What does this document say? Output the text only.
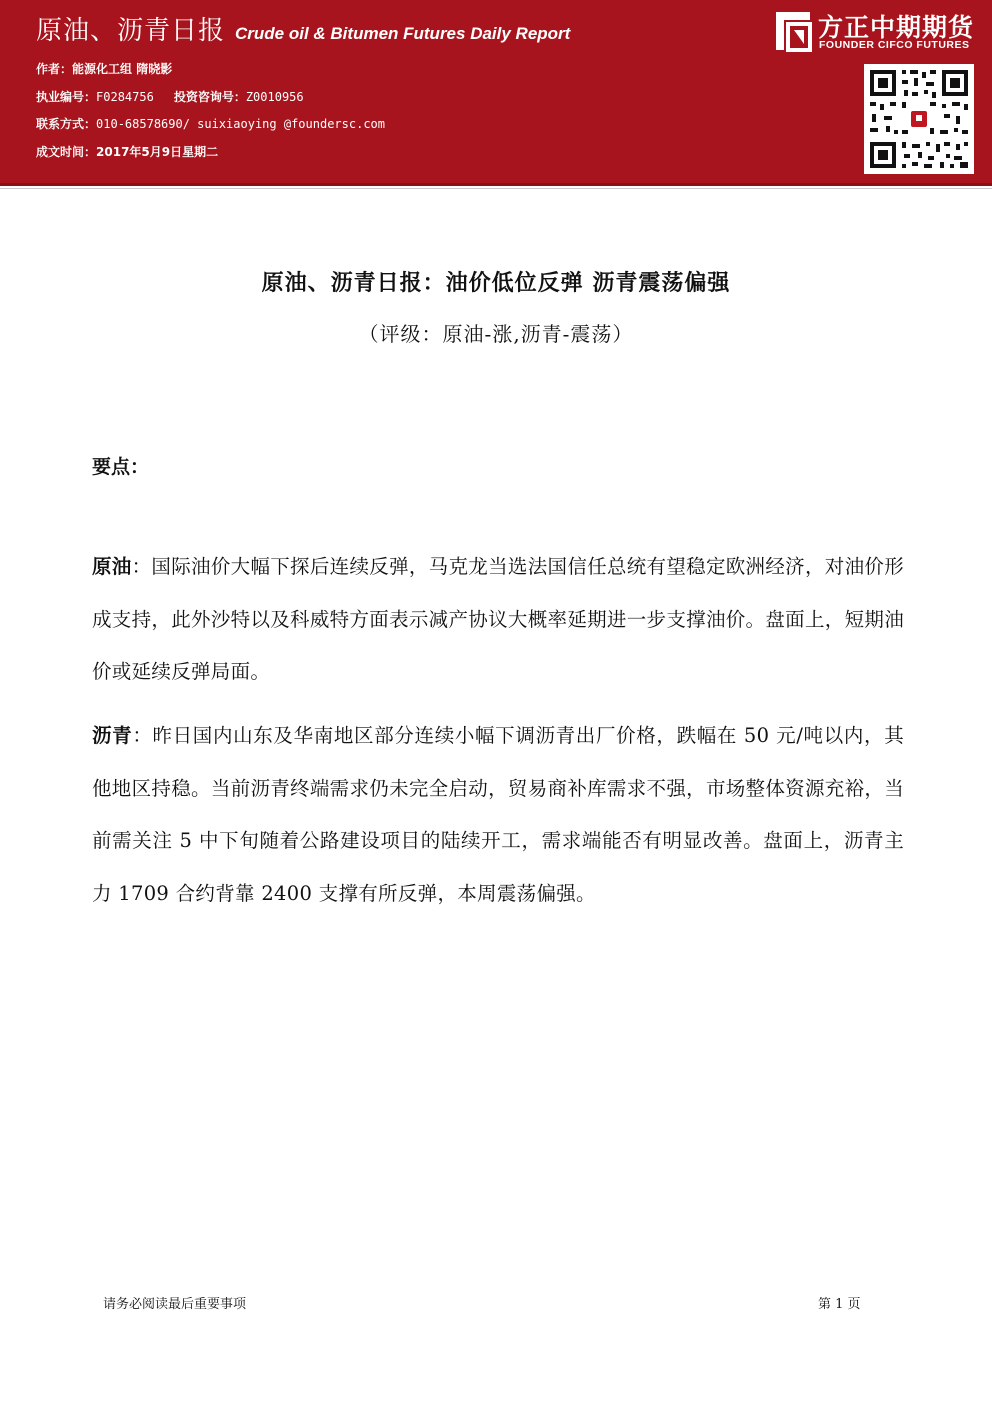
原油、沥青日报 Crude oil & Bitumen Futures Daily Report
作者：能源化工组 隋晓影
执业编号：F0284756 投资咨询号：Z0010956
联系方式：010-68578690/ suixiaoying @foundersc.com
成文时间：2017年5月9日星期二
方正中期期货
FOUNDER CIFCO FUTURES
原油、沥青日报：油价低位反弹 沥青震荡偏强
（评级：原油-涨,沥青-震荡）
要点：
原油：国际油价大幅下探后连续反弹，马克龙当选法国信任总统有望稳定欧洲经济，对油价形成支持，此外沙特以及科威特方面表示减产协议大概率延期进一步支撑油价。盘面上，短期油价或延续反弹局面。
沥青：昨日国内山东及华南地区部分连续小幅下调沥青出厂价格，跌幅在 50 元/吨以内，其他地区持稳。当前沥青终端需求仍未完全启动，贸易商补库需求不强，市场整体资源充裕，当前需关注 5 中下旬随着公路建设项目的陆续开工，需求端能否有明显改善。盘面上，沥青主力 1709 合约背靠 2400 支撑有所反弹，本周震荡偏强。
请务必阅读最后重要事项	第 1 页
